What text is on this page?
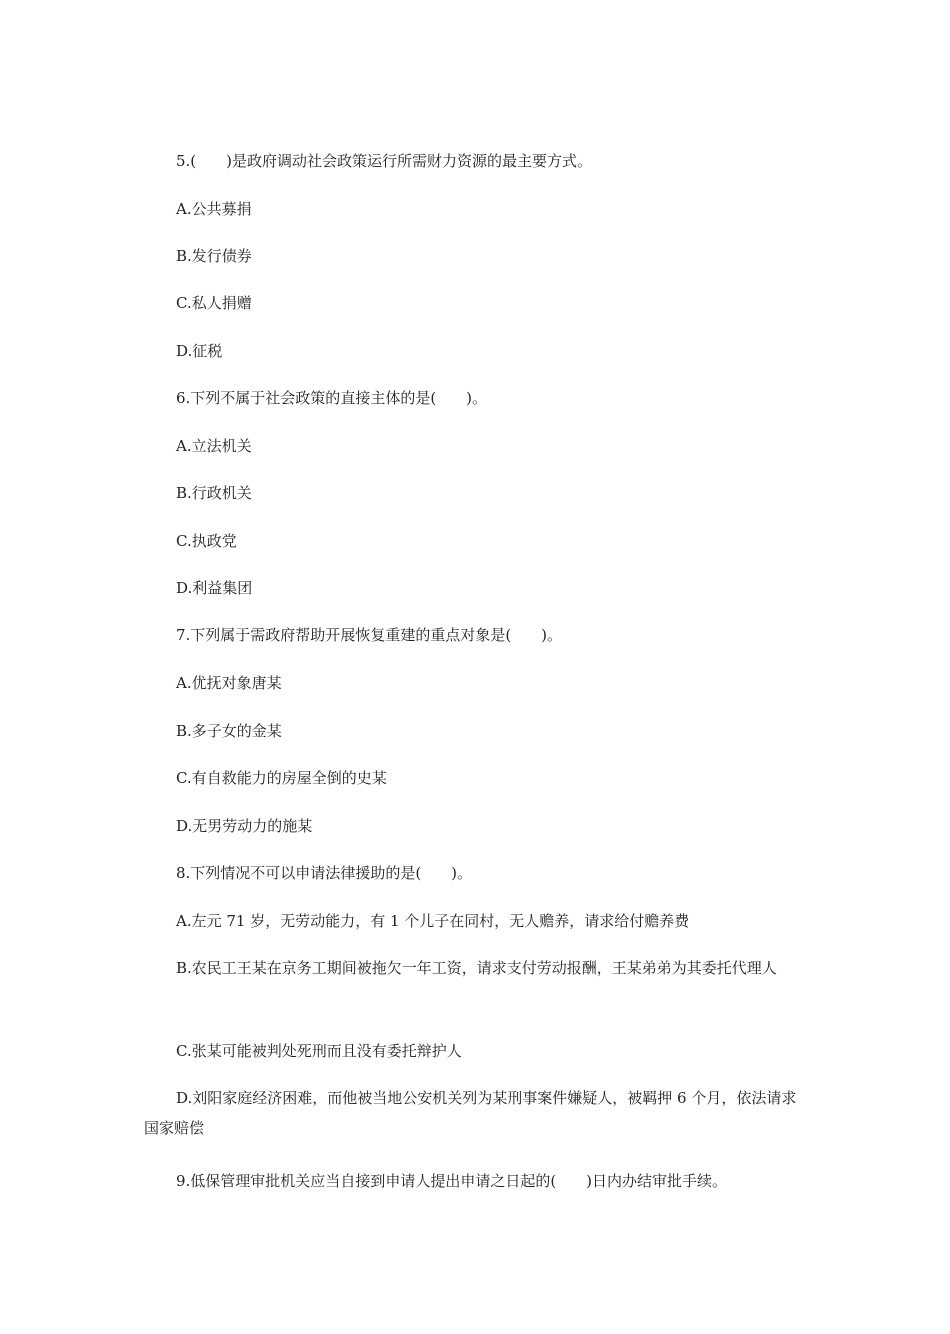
5.(　　)是政府调动社会政策运行所需财力资源的最主要方式。
A.公共募捐
B.发行债券
C.私人捐赠
D.征税
6.下列不属于社会政策的直接主体的是(　　)。
A.立法机关
B.行政机关
C.执政党
D.利益集团
7.下列属于需政府帮助开展恢复重建的重点对象是(　　)。
A.优抚对象唐某
B.多子女的金某
C.有自救能力的房屋全倒的史某
D.无男劳动力的施某
8.下列情况不可以申请法律援助的是(　　)。
A.左元 71 岁，无劳动能力，有 1 个儿子在同村，无人赡养，请求给付赡养费
B.农民工王某在京务工期间被拖欠一年工资，请求支付劳动报酬，王某弟弟为其委托代理人
C.张某可能被判处死刑而且没有委托辩护人
D.刘阳家庭经济困难，而他被当地公安机关列为某刑事案件嫌疑人，被羁押 6 个月，依法请求国家赔偿
9.低保管理审批机关应当自接到申请人提出申请之日起的(　　)日内办结审批手续。
